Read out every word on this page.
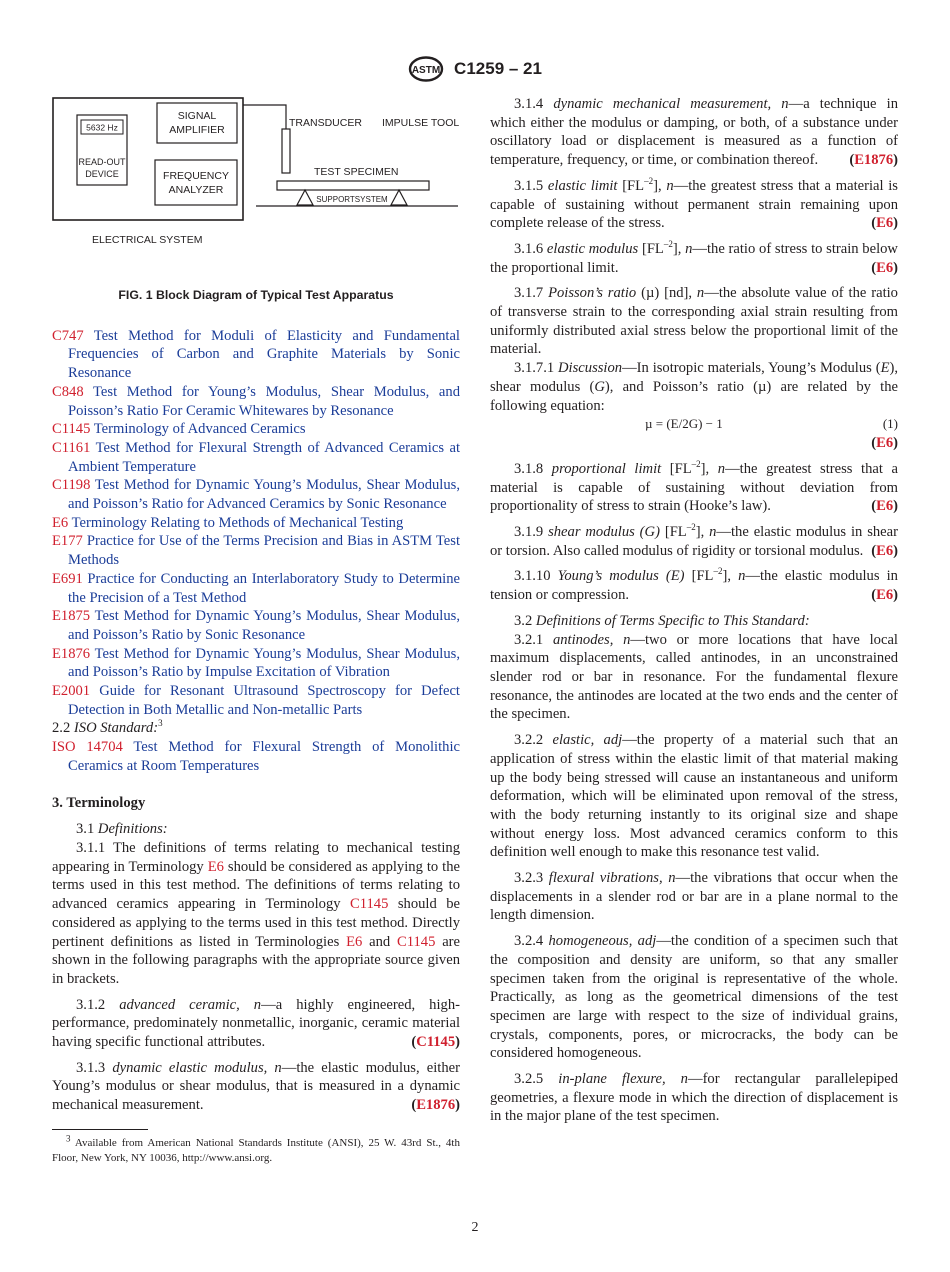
ASTM C1259 – 21
5632 Hz
READ-OUT
DEVICE
SIGNAL
AMPLIFIER
FREQUENCY
ANALYZER
TRANSDUCER IMPULSE TOOL
TEST SPECIMEN
SUPPORTSYSTEM
ELECTRICAL SYSTEM
FIG. 1 Block Diagram of Typical Test Apparatus
C747 Test Method for Moduli of Elasticity and Fundamental Frequencies of Carbon and Graphite Materials by Sonic Resonance
C848 Test Method for Young’s Modulus, Shear Modulus, and Poisson’s Ratio For Ceramic Whitewares by Resonance
C1145 Terminology of Advanced Ceramics
C1161 Test Method for Flexural Strength of Advanced Ceramics at Ambient Temperature
C1198 Test Method for Dynamic Young’s Modulus, Shear Modulus, and Poisson’s Ratio for Advanced Ceramics by Sonic Resonance
E6 Terminology Relating to Methods of Mechanical Testing
E177 Practice for Use of the Terms Precision and Bias in ASTM Test Methods
E691 Practice for Conducting an Interlaboratory Study to Determine the Precision of a Test Method
E1875 Test Method for Dynamic Young’s Modulus, Shear Modulus, and Poisson’s Ratio by Sonic Resonance
E1876 Test Method for Dynamic Young’s Modulus, Shear Modulus, and Poisson’s Ratio by Impulse Excitation of Vibration
E2001 Guide for Resonant Ultrasound Spectroscopy for Defect Detection in Both Metallic and Non-metallic Parts
2.2 ISO Standard:$^3$
ISO 14704 Test Method for Flexural Strength of Monolithic Ceramics at Room Temperatures
3. Terminology

3.1 Definitions:

3.1.1 The definitions of terms relating to mechanical testing appearing in Terminology E6 should be considered as applying to the terms used in this test method. The definitions of terms relating to advanced ceramics appearing in Terminology C1145 should be considered as applying to the terms used in this test method. Directly pertinent definitions as listed in Terminologies E6 and C1145 are shown in the following paragraphs with the appropriate source given in brackets.

3.1.2 advanced ceramic, n—a highly engineered, high-performance, predominately nonmetallic, inorganic, ceramic material having specific functional attributes.	(C1145)

3.1.3 dynamic elastic modulus, n—the elastic modulus, either Young’s modulus or shear modulus, that is measured in a dynamic mechanical measurement.	(E1876)

$^3$ Available from American National Standards Institute (ANSI), 25 W. 43rd St., 4th Floor, New York, NY 10036, http://www.ansi.org.

3.1.4 dynamic mechanical measurement, n—a technique in which either the modulus or damping, or both, of a substance under oscillatory load or displacement is measured as a function of temperature, frequency, or time, or combination thereof. (E1876)

3.1.5 elastic limit $[FL^{-2}]$, n—the greatest stress that a material is capable of sustaining without permanent strain remaining upon complete release of the stress.	(E6)

3.1.6 elastic modulus $[FL^{-2}]$, n—the ratio of stress to strain below the proportional limit.	(E6)

3.1.7 Poisson’s ratio (µ) [nd], n—the absolute value of the ratio of transverse strain to the corresponding axial strain resulting from uniformly distributed axial stress below the proportional limit of the material.

3.1.7.1 Discussion—In isotropic materials, Young’s Modulus (E), shear modulus (G), and Poisson’s ratio (µ) are related by the following equation:

µ = (E/2G) − 1	(1)

(E6)

3.1.8 proportional limit $[FL^{-2}]$, n—the greatest stress that a material is capable of sustaining without deviation from proportionality of stress to strain (Hooke’s law).	(E6)

3.1.9 shear modulus (G) $[FL^{-2}]$, n—the elastic modulus in shear or torsion. Also called modulus of rigidity or torsional modulus. (E6)

3.1.10 Young’s modulus (E) $[FL^{-2}]$, n—the elastic modulus in tension or compression.	(E6)

3.2 Definitions of Terms Specific to This Standard:

3.2.1 antinodes, n—two or more locations that have local maximum displacements, called antinodes, in an unconstrained slender rod or bar in resonance. For the fundamental flexure resonance, the antinodes are located at the two ends and the center of the specimen.

3.2.2 elastic, adj—the property of a material such that an application of stress within the elastic limit of that material making up the body being stressed will cause an instantaneous and uniform deformation, which will be eliminated upon removal of the stress, with the body returning instantly to its original size and shape without energy loss. Most advanced ceramics conform to this definition well enough to make this resonance test valid.

3.2.3 flexural vibrations, n—the vibrations that occur when the displacements in a slender rod or bar are in a plane normal to the length dimension.

3.2.4 homogeneous, adj—the condition of a specimen such that the composition and density are uniform, so that any smaller specimen taken from the original is representative of the whole. Practically, as long as the geometrical dimensions of the test specimen are large with respect to the size of individual grains, crystals, components, pores, or microcracks, the body can be considered homogeneous.

3.2.5 in-plane flexure, n—for rectangular parallelepiped geometries, a flexure mode in which the direction of displacement is in the major plane of the test specimen.

2
